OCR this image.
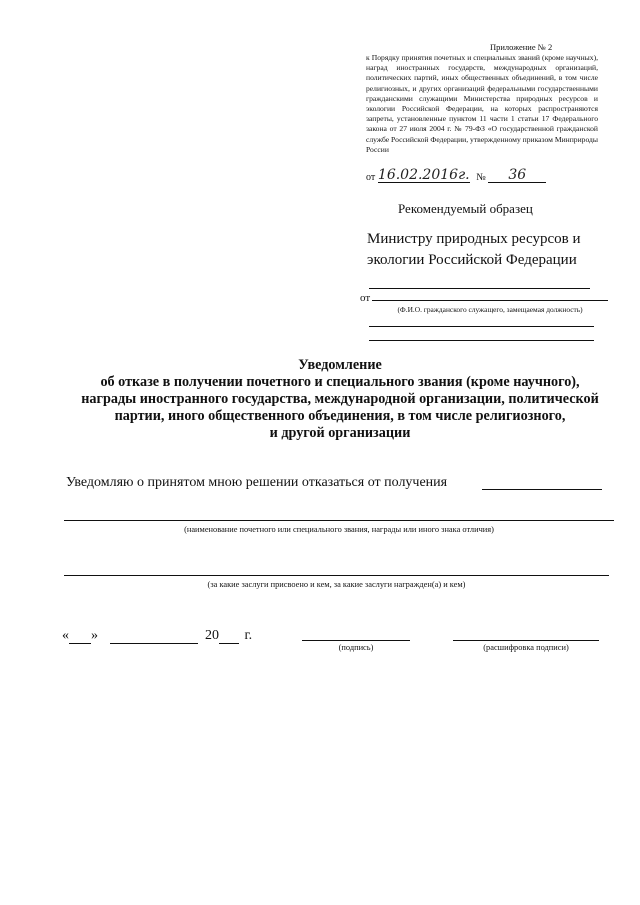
Приложение № 2
к Порядку принятия почетных и специальных званий (кроме научных), наград иностранных государств, международных организаций, политических партий, иных общественных объединений, в том числе религиозных, и других организаций федеральными государственными гражданскими служащими Министерства природных ресурсов и экологии Российской Федерации, на которых распространяются запреты, установленные пунктом 11 части 1 статьи 17 Федерального закона от 27 июля 2004 г. № 79-ФЗ «О государственной гражданской службе Российской Федерации, утвержденному приказом Минприроды России
от 16.02.2016г. № 36
Рекомендуемый образец
Министру природных ресурсов и
экологии Российской Федерации
от
(Ф.И.О. гражданского служащего, замещаемая должность)
Уведомление
об отказе в получении почетного и специального звания (кроме научного),
награды иностранного государства, международной организации, политической
партии, иного общественного объединения, в том числе религиозного,
и другой организации
Уведомляю о принятом мною решении отказаться от получения
(наименование почетного или специального звания, награды или иного знака отличия)
(за какие заслуги присвоено и кем, за какие заслуги награжден(а) и кем)
« »	20 г.
(подпись)	(расшифровка подписи)
